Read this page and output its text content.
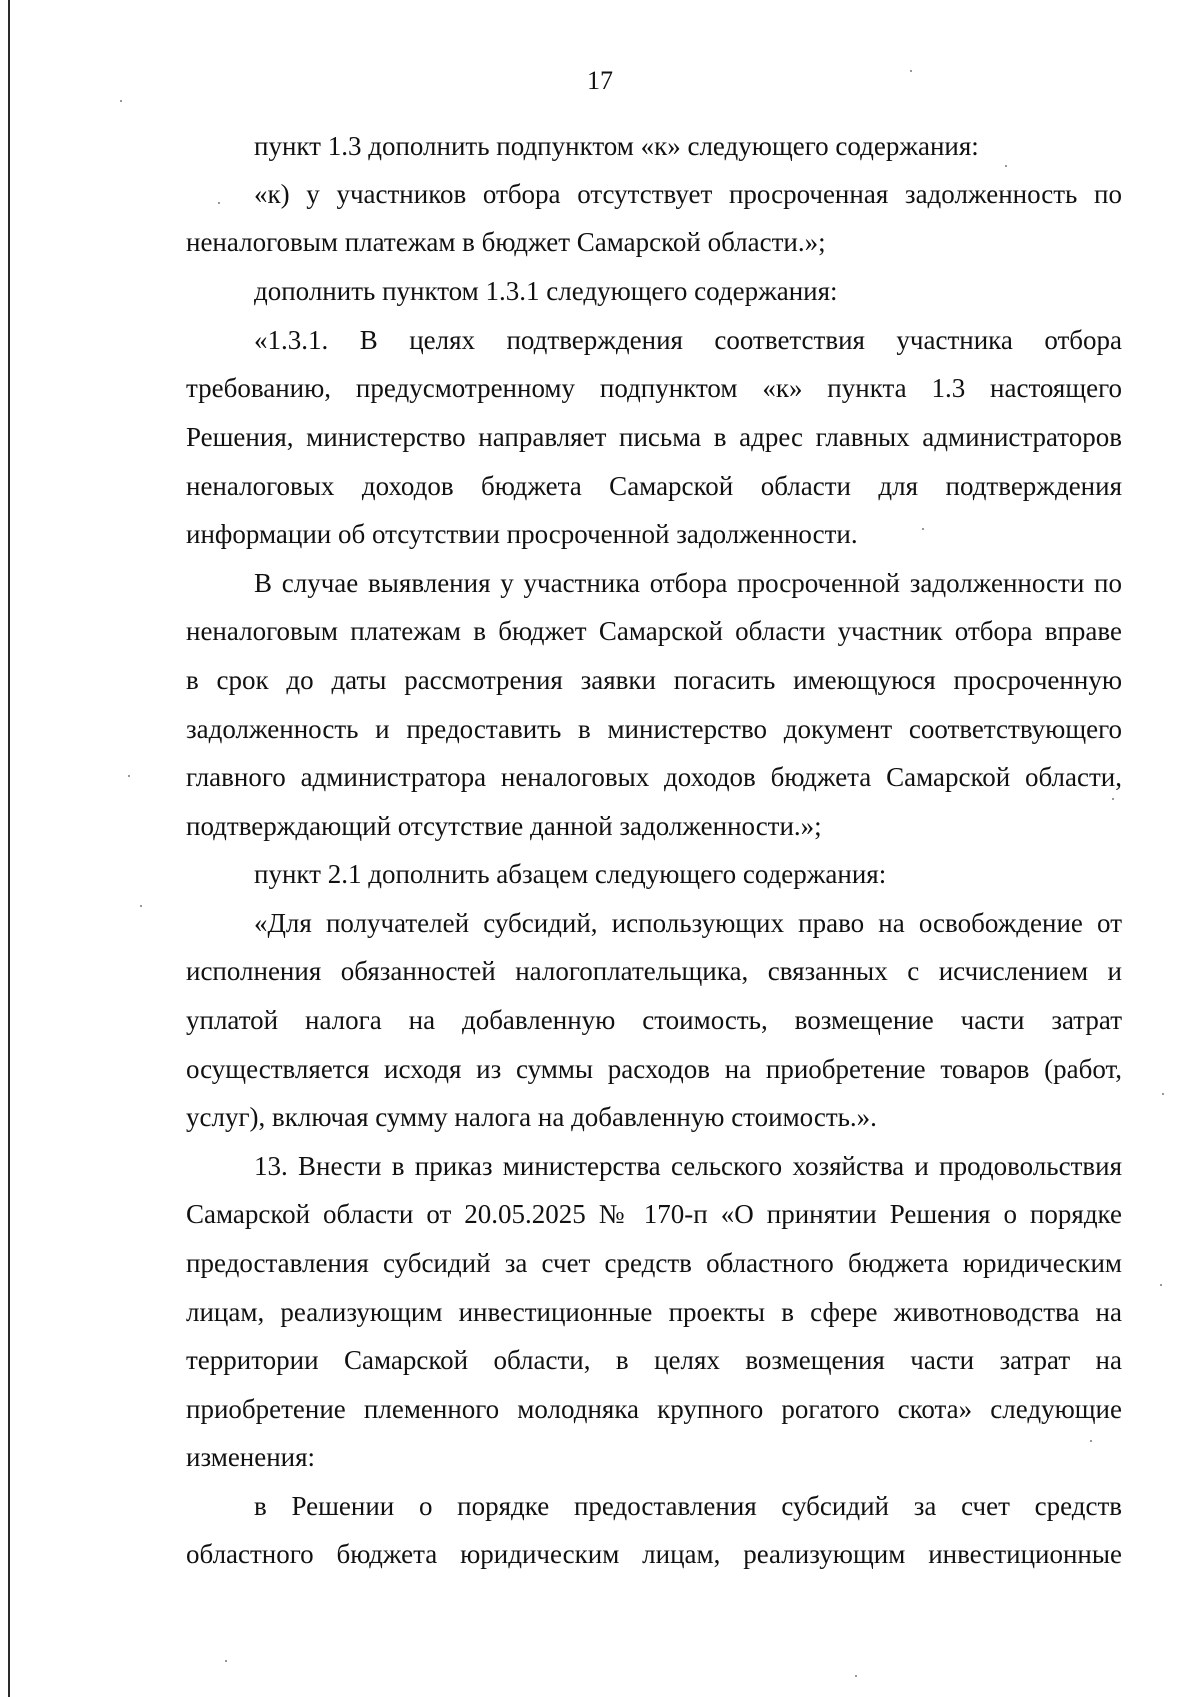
17
пункт 1.3 дополнить подпунктом «к» следующего содержания:
«к) у участников отбора отсутствует просроченная задолженность по
неналоговым платежам в бюджет Самарской области.»;
дополнить пунктом 1.3.1 следующего содержания:
«1.3.1. В целях подтверждения соответствия участника отбора
требованию, предусмотренному подпунктом «к» пункта 1.3 настоящего
Решения, министерство направляет письма в адрес главных администраторов
неналоговых доходов бюджета Самарской области для подтверждения
информации об отсутствии просроченной задолженности.
В случае выявления у участника отбора просроченной задолженности по
неналоговым платежам в бюджет Самарской области участник отбора вправе
в срок до даты рассмотрения заявки погасить имеющуюся просроченную
задолженность и предоставить в министерство документ соответствующего
главного администратора неналоговых доходов бюджета Самарской области,
подтверждающий отсутствие данной задолженности.»;
пункт 2.1 дополнить абзацем следующего содержания:
«Для получателей субсидий, использующих право на освобождение от
исполнения обязанностей налогоплательщика, связанных с исчислением и
уплатой налога на добавленную стоимость, возмещение части затрат
осуществляется исходя из суммы расходов на приобретение товаров (работ,
услуг), включая сумму налога на добавленную стоимость.».
13. Внести в приказ министерства сельского хозяйства и продовольствия
Самарской области от 20.05.2025 № 170-п «О принятии Решения о порядке
предоставления субсидий за счет средств областного бюджета юридическим
лицам, реализующим инвестиционные проекты в сфере животноводства на
территории Самарской области, в целях возмещения части затрат на
приобретение племенного молодняка крупного рогатого скота» следующие
изменения:
в Решении о порядке предоставления субсидий за счет средств
областного бюджета юридическим лицам, реализующим инвестиционные
